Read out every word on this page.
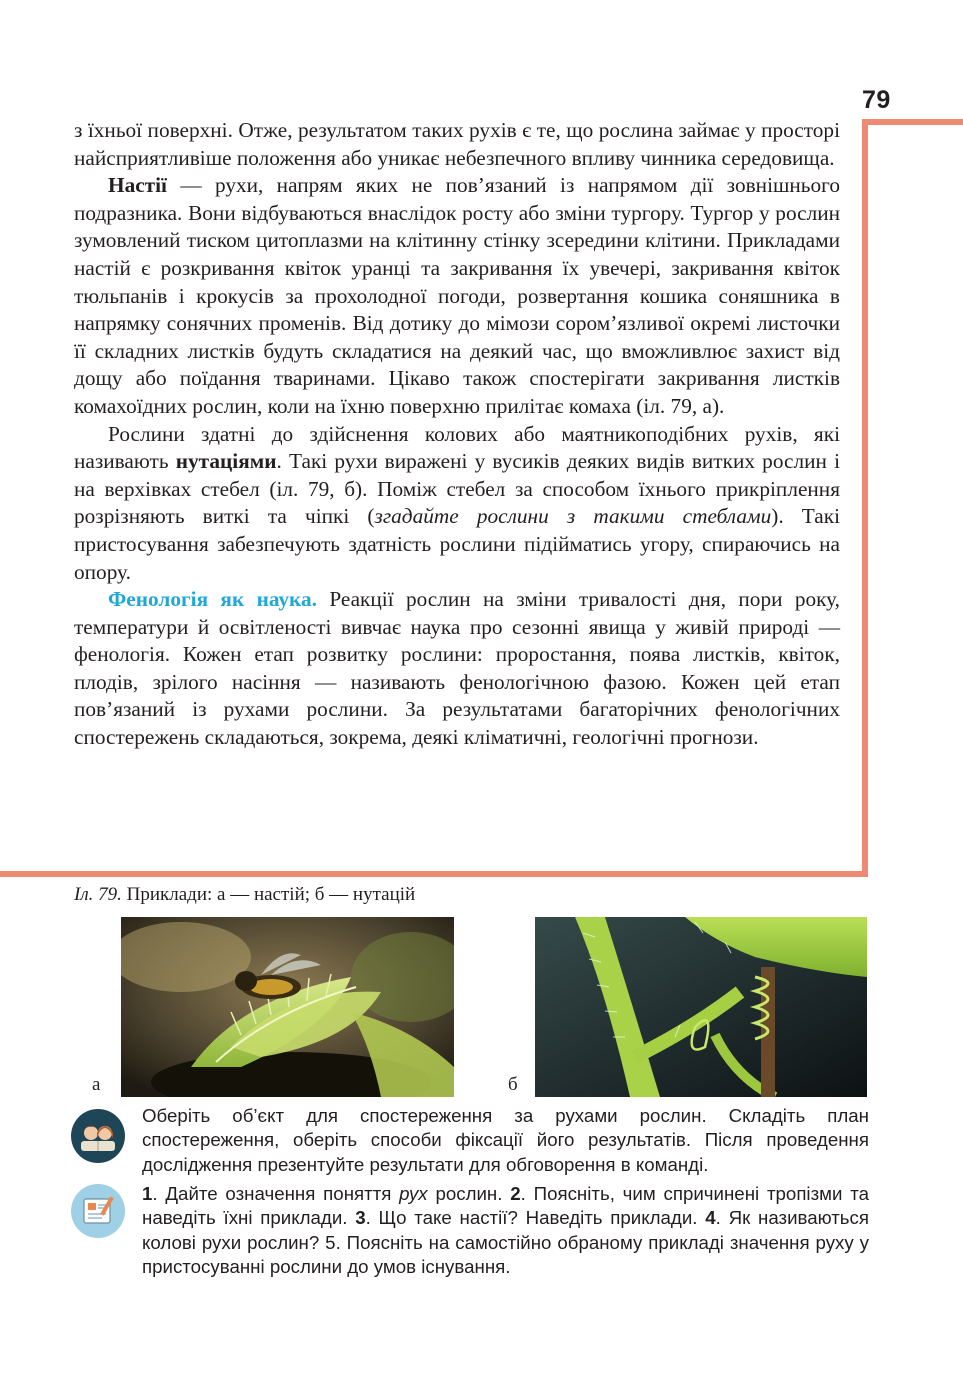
79

з їхньої поверхні. Отже, результатом таких рухів є те, що рослина займає у просторі найсприятливіше положення або уникає небезпечного впливу чинника середовища.

Настії — рухи, напрям яких не пов’язаний із напрямом дії зовнішнього подразника. Вони відбуваються внаслідок росту або зміни тургору. Тургор у рослин зумовлений тиском цитоплазми на клітинну стінку зсередини клітини. Прикладами настій є розкривання квіток уранці та закривання їх увечері, закривання квіток тюльпанів і крокусів за прохолодної погоди, розвертання кошика соняшника в напрямку сонячних променів. Від дотику до мімози сором’язливої окремі листочки її складних листків будуть складатися на деякий час, що вможливлює захист від дощу або поїдання тваринами. Цікаво також спостерігати закривання листків комахоїдних рослин, коли на їхню поверхню прилітає комаха (іл. 79, а).

Рослини здатні до здійснення колових або маятникоподібних рухів, які називають нутаціями. Такі рухи виражені у вусиків деяких видів витких рослин і на верхівках стебел (іл. 79, б). Поміж стебел за способом їхнього прикріплення розрізняють виткі та чіпкі (згадайте рослини з такими стеблами). Такі пристосування забезпечують здатність рослини підійматись угору, спираючись на опору.

Фенологія як наука. Реакції рослин на зміни тривалості дня, пори року, температури й освітленості вивчає наука про сезонні явища у живій природі — фенологія. Кожен етап розвитку рослини: проростання, поява листків, квіток, плодів, зрілого насіння — називають фенологічною фазою. Кожен цей етап пов’язаний із рухами рослини. За результатами багаторічних фенологічних спостережень складаються, зокрема, деякі кліматичні, геологічні прогнози.

Іл. 79. Приклади: а — настій; б — нутацій
а	б
Оберіть об’єкт для спостереження за рухами рослин. Складіть план спостереження, оберіть способи фіксації його результатів. Після проведення дослідження презентуйте результати для обговорення в команді.
1. Дайте означення поняття рух рослин. 2. Поясніть, чим спричинені тропізми та наведіть їхні приклади. 3. Що таке настії? Наведіть приклади. 4. Як називаються колові рухи рослин? 5. Поясніть на самостійно обраному прикладі значення руху у пристосуванні рослини до умов існування.
